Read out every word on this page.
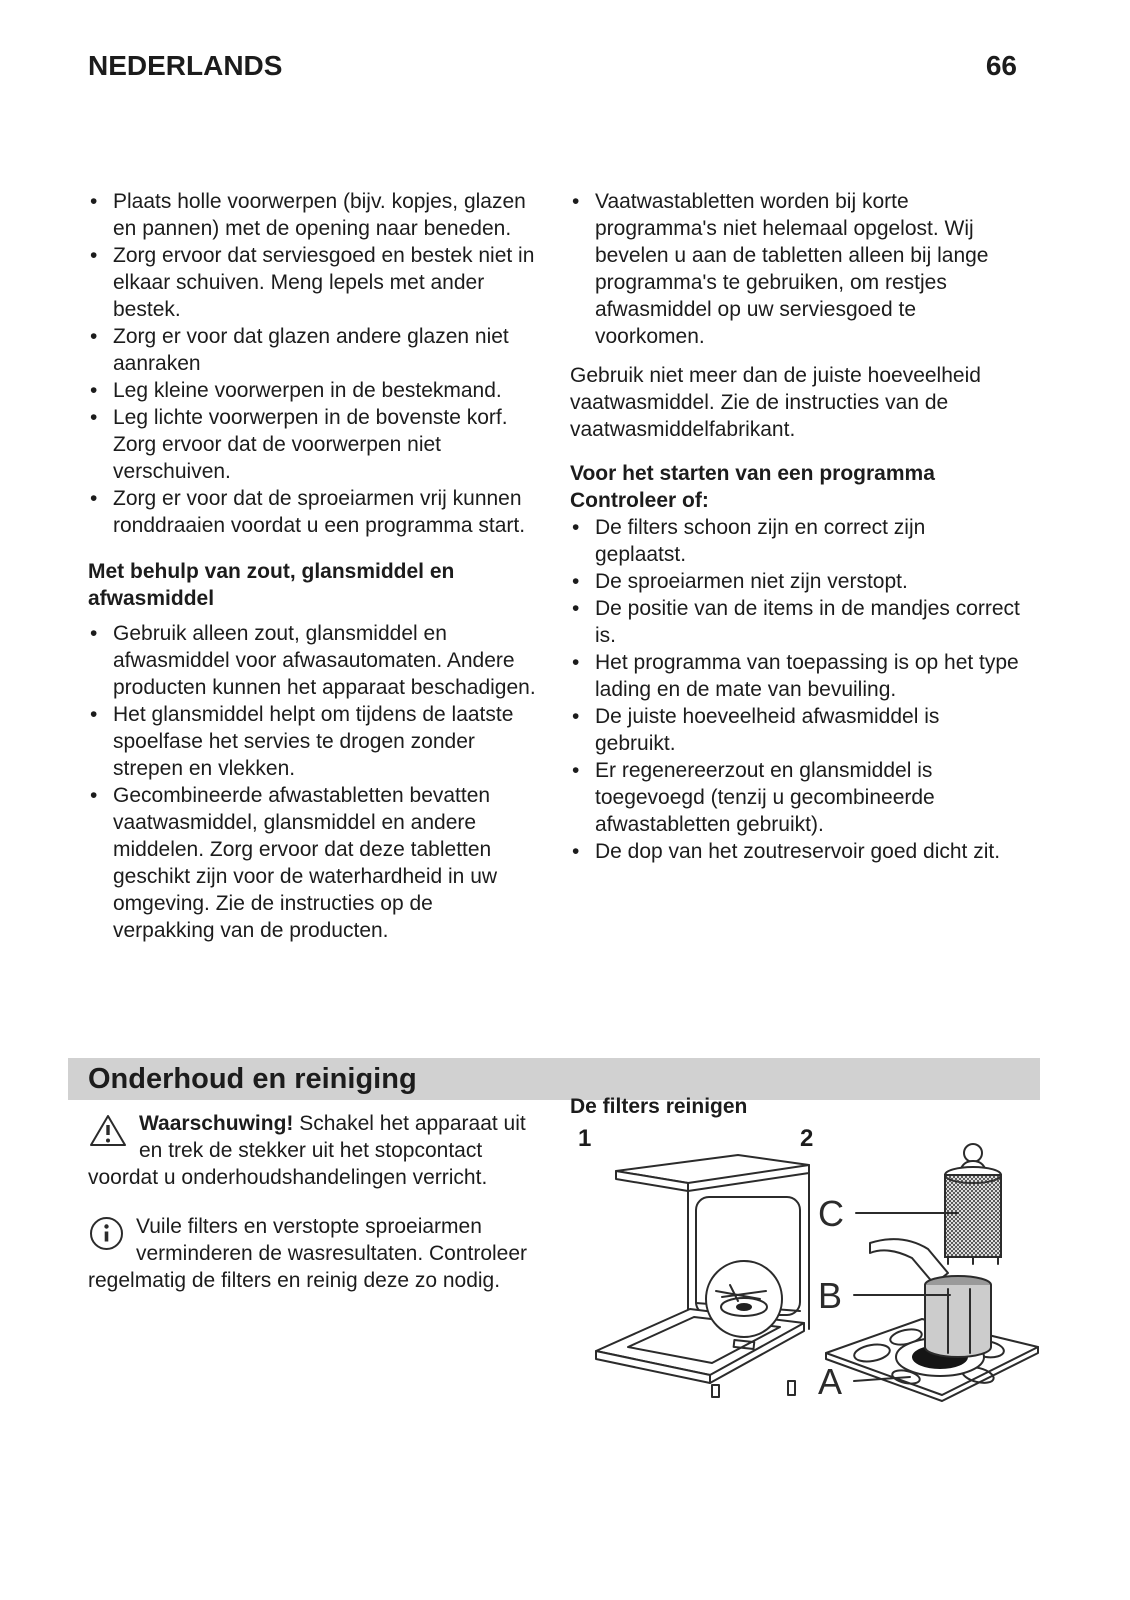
NEDERLANDS	66
• Plaats holle voorwerpen (bijv. kopjes, glazen en pannen) met de opening naar beneden.
• Zorg ervoor dat serviesgoed en bestek niet in elkaar schuiven. Meng lepels met ander bestek.
• Zorg er voor dat glazen andere glazen niet aanraken
• Leg kleine voorwerpen in de bestekmand.
• Leg lichte voorwerpen in de bovenste korf. Zorg ervoor dat de voorwerpen niet verschuiven.
• Zorg er voor dat de sproeiarmen vrij kunnen ronddraaien voordat u een programma start.
Met behulp van zout, glansmiddel en afwasmiddel
• Gebruik alleen zout, glansmiddel en afwasmiddel voor afwasautomaten. Andere producten kunnen het apparaat beschadigen.
• Het glansmiddel helpt om tijdens de laatste spoelfase het servies te drogen zonder strepen en vlekken.
• Gecombineerde afwastabletten bevatten vaatwasmiddel, glansmiddel en andere middelen. Zorg ervoor dat deze tabletten geschikt zijn voor de waterhardheid in uw omgeving. Zie de instructies op de verpakking van de producten.
• Vaatwastabletten worden bij korte programma's niet helemaal opgelost. Wij bevelen u aan de tabletten alleen bij lange programma's te gebruiken, om restjes afwasmiddel op uw serviesgoed te voorkomen.
Gebruik niet meer dan de juiste hoeveelheid vaatwasmiddel. Zie de instructies van de vaatwasmiddelfabrikant.
Voor het starten van een programma
Controleer of:
• De filters schoon zijn en correct zijn geplaatst.
• De sproeiarmen niet zijn verstopt.
• De positie van de items in de mandjes correct is.
• Het programma van toepassing is op het type lading en de mate van bevuiling.
• De juiste hoeveelheid afwasmiddel is gebruikt.
• Er regenereerzout en glansmiddel is toegevoegd (tenzij u gecombineerde afwastabletten gebruikt).
• De dop van het zoutreservoir goed dicht zit.
Onderhoud en reiniging
Waarschuwing! Schakel het apparaat uit en trek de stekker uit het stopcontact voordat u onderhoudshandelingen verricht.
Vuile filters en verstopte sproeiarmen verminderen de wasresultaten. Controleer regelmatig de filters en reinig deze zo nodig.
De filters reinigen
1	2
C
B
A
